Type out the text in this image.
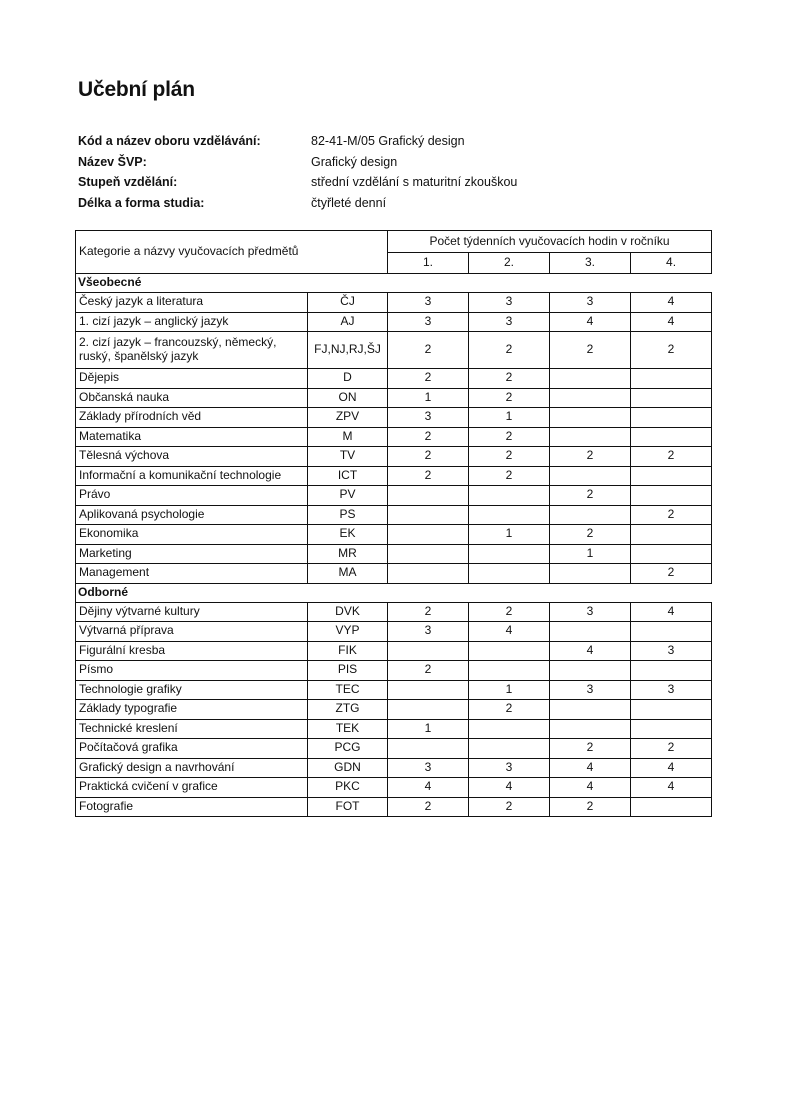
Učební plán
Kód a název oboru vzdělávání:	82-41-M/05 Grafický design
Název ŠVP:	Grafický design
Stupeň vzdělání:	střední vzdělání s maturitní zkouškou
Délka a forma studia:	čtyřleté denní
Kategorie a názvy vyučovacích předmětů		Počet týdenních vyučovacích hodin v ročníku			
		1.	2.	3.	4.
Všeobecné					
Český jazyk a literatura	ČJ	3	3	3	4
1. cizí jazyk – anglický jazyk	AJ	3	3	4	4
2. cizí jazyk – francouzský, německý, ruský, španělský jazyk	FJ,NJ,RJ,ŠJ	2	2	2	2
Dějepis	D	2	2		
Občanská nauka	ON	1	2		
Základy přírodních věd	ZPV	3	1		
Matematika	M	2	2		
Tělesná výchova	TV	2	2	2	2
Informační a komunikační technologie	ICT	2	2		
Právo	PV			2	
Aplikovaná psychologie	PS				2
Ekonomika	EK		1	2	
Marketing	MR			1	
Management	MA				2
Odborné					
Dějiny výtvarné kultury	DVK	2	2	3	4
Výtvarná příprava	VYP	3	4		
Figurální kresba	FIK			4	3
Písmo	PIS	2			
Technologie grafiky	TEC		1	3	3
Základy typografie	ZTG		2		
Technické kreslení	TEK	1			
Počítačová grafika	PCG			2	2
Grafický design a navrhování	GDN	3	3	4	4
Praktická cvičení v grafice	PKC	4	4	4	4
Fotografie	FOT	2	2	2	
